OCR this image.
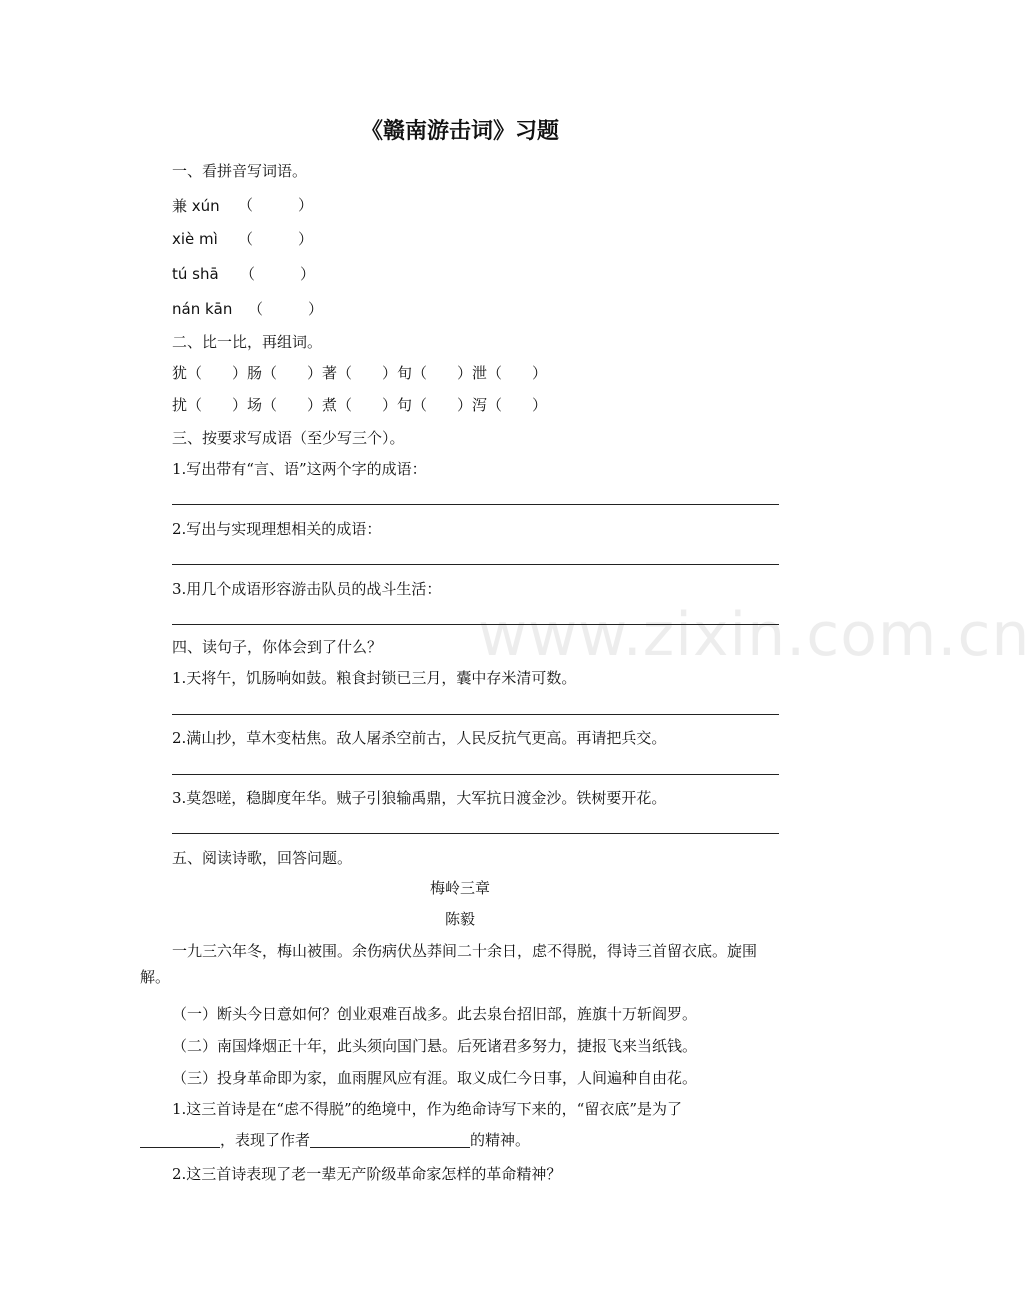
www.zixin.com.cn
《赣南游击词》习题
一、看拼音写词语。
兼 xún （　　　）
xiè mì （　　　）
tú shā （　　　）
nán kān （　　　）
二、比一比，再组词。
犹（　　）肠（　　）著（　　）旬（　　）泄（　　）
扰（　　）场（　　）煮（　　）句（　　）泻（　　）
三、按要求写成语（至少写三个）。
1.写出带有“言、语”这两个字的成语：
2.写出与实现理想相关的成语：
3.用几个成语形容游击队员的战斗生活：
四、读句子，你体会到了什么？
1.天将午，饥肠响如鼓。粮食封锁已三月，囊中存米清可数。
2.满山抄，草木变枯焦。敌人屠杀空前古，人民反抗气更高。再请把兵交。
3.莫怨嗟，稳脚度年华。贼子引狼输禹鼎，大军抗日渡金沙。铁树要开花。
五、阅读诗歌，回答问题。
梅岭三章
陈毅
一九三六年冬，梅山被围。余伤病伏丛莽间二十余日，虑不得脱，得诗三首留衣底。旋围解。
（一）断头今日意如何？创业艰难百战多。此去泉台招旧部，旌旗十万斩阎罗。
（二）南国烽烟正十年，此头须向国门悬。后死诸君多努力，捷报飞来当纸钱。
（三）投身革命即为家，血雨腥风应有涯。取义成仁今日事，人间遍种自由花。
1.这三首诗是在“虑不得脱”的绝境中，作为绝命诗写下来的，“留衣底”是为了
，表现了作者	的精神。
2.这三首诗表现了老一辈无产阶级革命家怎样的革命精神？
